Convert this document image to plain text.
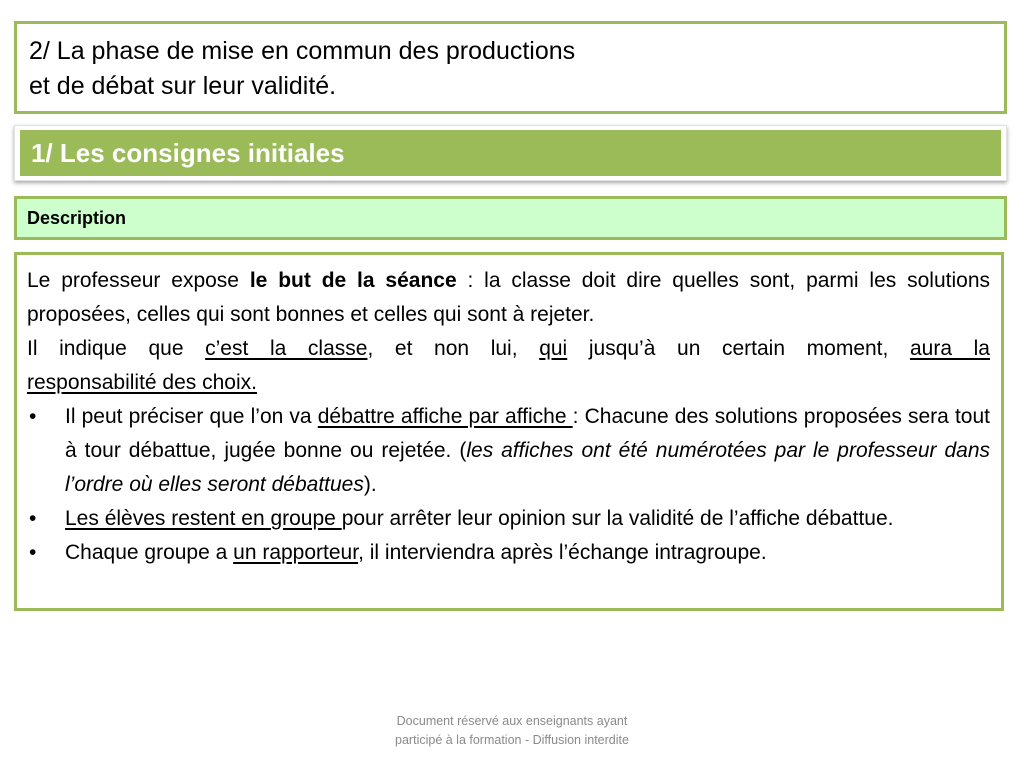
2/ La phase de mise en commun des productions
et de débat sur leur validité.
1/ Les consignes initiales
Description
Le professeur expose le but de la séance : la classe doit dire quelles sont, parmi les solutions proposées, celles qui sont bonnes et celles qui sont à rejeter.
Il indique que c’est la classe, et non lui, qui jusqu’à un certain moment, aura la
responsabilité des choix.
• Il peut préciser que l’on va débattre affiche par affiche : Chacune des solutions proposées sera tout à tour débattue, jugée bonne ou rejetée. (les affiches ont été numérotées par le professeur dans l’ordre où elles seront débattues).
• Les élèves restent en groupe pour arrêter leur opinion sur la validité de l’affiche débattue.
• Chaque groupe a un rapporteur, il interviendra après l’échange intragroupe.
Document réservé aux enseignants ayant
participé à la formation - Diffusion interdite
